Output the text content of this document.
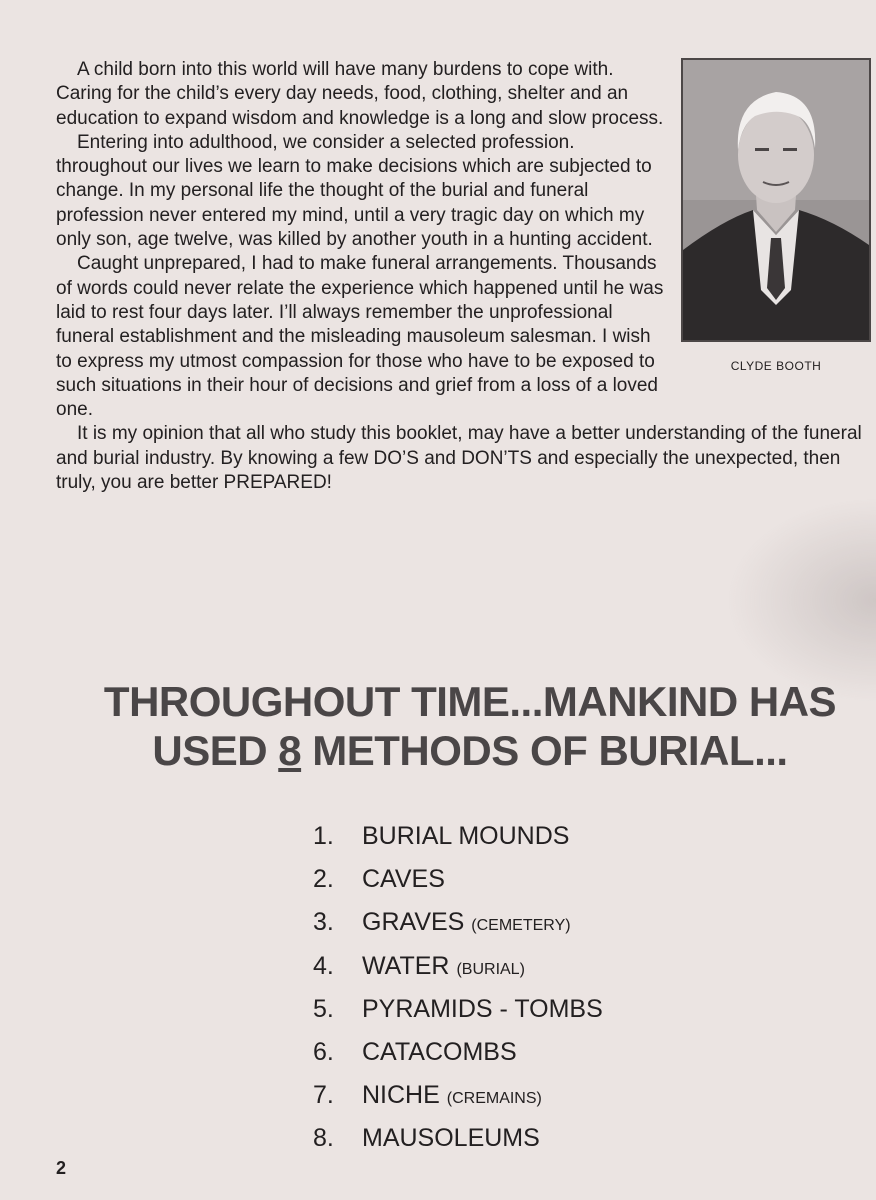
CLYDE BOOTH

A child born into this world will have many burdens to cope with. Caring for the child’s every day needs, food, clothing, shelter and an education to expand wisdom and knowledge is a long and slow process.

Entering into adulthood, we consider a selected profession. throughout our lives we learn to make decisions which are subjected to change. In my personal life the thought of the burial and funeral profession never entered my mind, until a very tragic day on which my only son, age twelve, was killed by another youth in a hunting accident.

Caught unprepared, I had to make funeral arrangements. Thousands of words could never relate the experience which happened until he was laid to rest four days later. I’ll always remember the unprofessional funeral establishment and the misleading mausoleum salesman. I wish to express my utmost compassion for those who have to be exposed to such situations in their hour of decisions and grief from a loss of a loved one.

It is my opinion that all who study this booklet, may have a better understanding of the funeral and burial industry. By knowing a few DO’S and DON’TS and especially the unexpected, then truly, you are better PREPARED!

THROUGHOUT TIME...MANKIND HAS
USED 8 METHODS OF BURIAL...
1. BURIAL MOUNDS
2. CAVES
3. GRAVES (CEMETERY)
4. WATER (BURIAL)
5. PYRAMIDS - TOMBS
6. CATACOMBS
7. NICHE (CREMAINS)
8. MAUSOLEUMS
2
